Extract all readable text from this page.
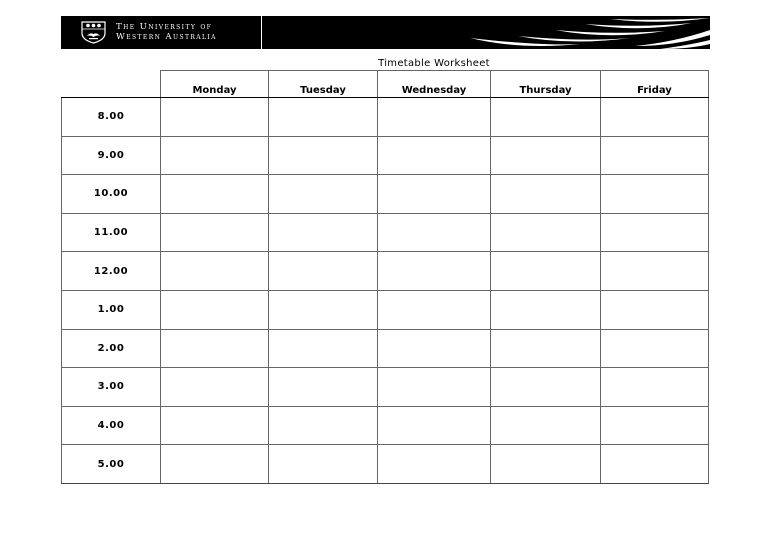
The University of
Western Australia
Timetable Worksheet
	Monday	Tuesday	Wednesday	Thursday	Friday
8.00					
9.00					
10.00					
11.00					
12.00					
1.00					
2.00					
3.00					
4.00					
5.00					
